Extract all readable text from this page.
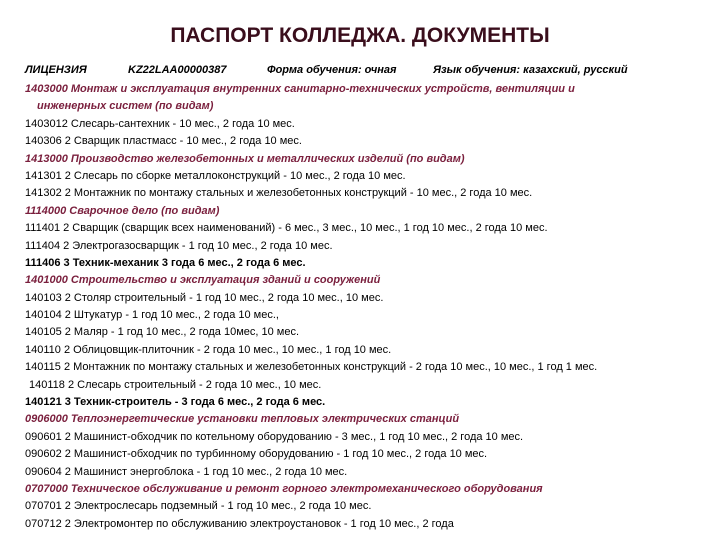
ПАСПОРТ КОЛЛЕДЖА. ДОКУМЕНТЫ
ЛИЦЕНЗИЯ	KZ22LAA00000387	Форма обучения: очная	Язык обучения: казахский, русский
1403000 Монтаж и эксплуатация внутренних санитарно-технических устройств, вентиляции и
инженерных систем (по видам)
1403012 Слесарь-сантехник - 10 мес., 2 года 10 мес.
140306 2 Сварщик пластмасс - 10 мес., 2 года 10 мес.
1413000 Производство железобетонных и металлических изделий (по видам)
141301 2 Слесарь по сборке металлоконструкций - 10 мес., 2 года 10 мес.
141302 2 Монтажник по монтажу стальных и железобетонных конструкций - 10 мес., 2 года 10 мес.
1114000 Сварочное дело (по видам)
111401 2 Сварщик (сварщик всех наименований) - 6 мес., 3 мес., 10 мес., 1 год 10 мес., 2 года 10 мес.
111404 2 Электрогазосварщик - 1 год 10 мес., 2 года 10 мес.
111406 3 Техник-механик 3 года 6 мес., 2 года 6 мес.
1401000 Строительство и эксплуатация зданий и сооружений
140103 2 Столяр строительный - 1 год 10 мес., 2 года 10 мес., 10 мес.
140104 2 Штукатур - 1 год 10 мес., 2 года 10 мес.,
140105 2 Маляр - 1 год 10 мес., 2 года 10мес, 10 мес.
140110 2 Облицовщик-плиточник - 2 года 10 мес., 10 мес., 1 год 10 мес.
140115 2 Монтажник по монтажу стальных и железобетонных конструкций - 2 года 10 мес., 10 мес., 1 год 1 мес.
140118 2 Слесарь строительный - 2 года 10 мес., 10 мес.
140121 3 Техник-строитель - 3 года 6 мес., 2 года 6 мес.
0906000 Теплоэнергетические установки тепловых электрических станций
090601 2 Машинист-обходчик по котельному оборудованию - 3 мес., 1 год 10 мес., 2 года 10 мес.
090602 2 Машинист-обходчик по турбинному оборудованию - 1 год 10 мес., 2 года 10 мес.
090604 2 Машинист энергоблока - 1 год 10 мес., 2 года 10 мес.
0707000 Техническое обслуживание и ремонт горного электромеханического оборудования
070701 2 Электрослесарь подземный - 1 год 10 мес., 2 года 10 мес.
070712 2 Электромонтер по обслуживанию электроустановок - 1 год 10 мес., 2 года
